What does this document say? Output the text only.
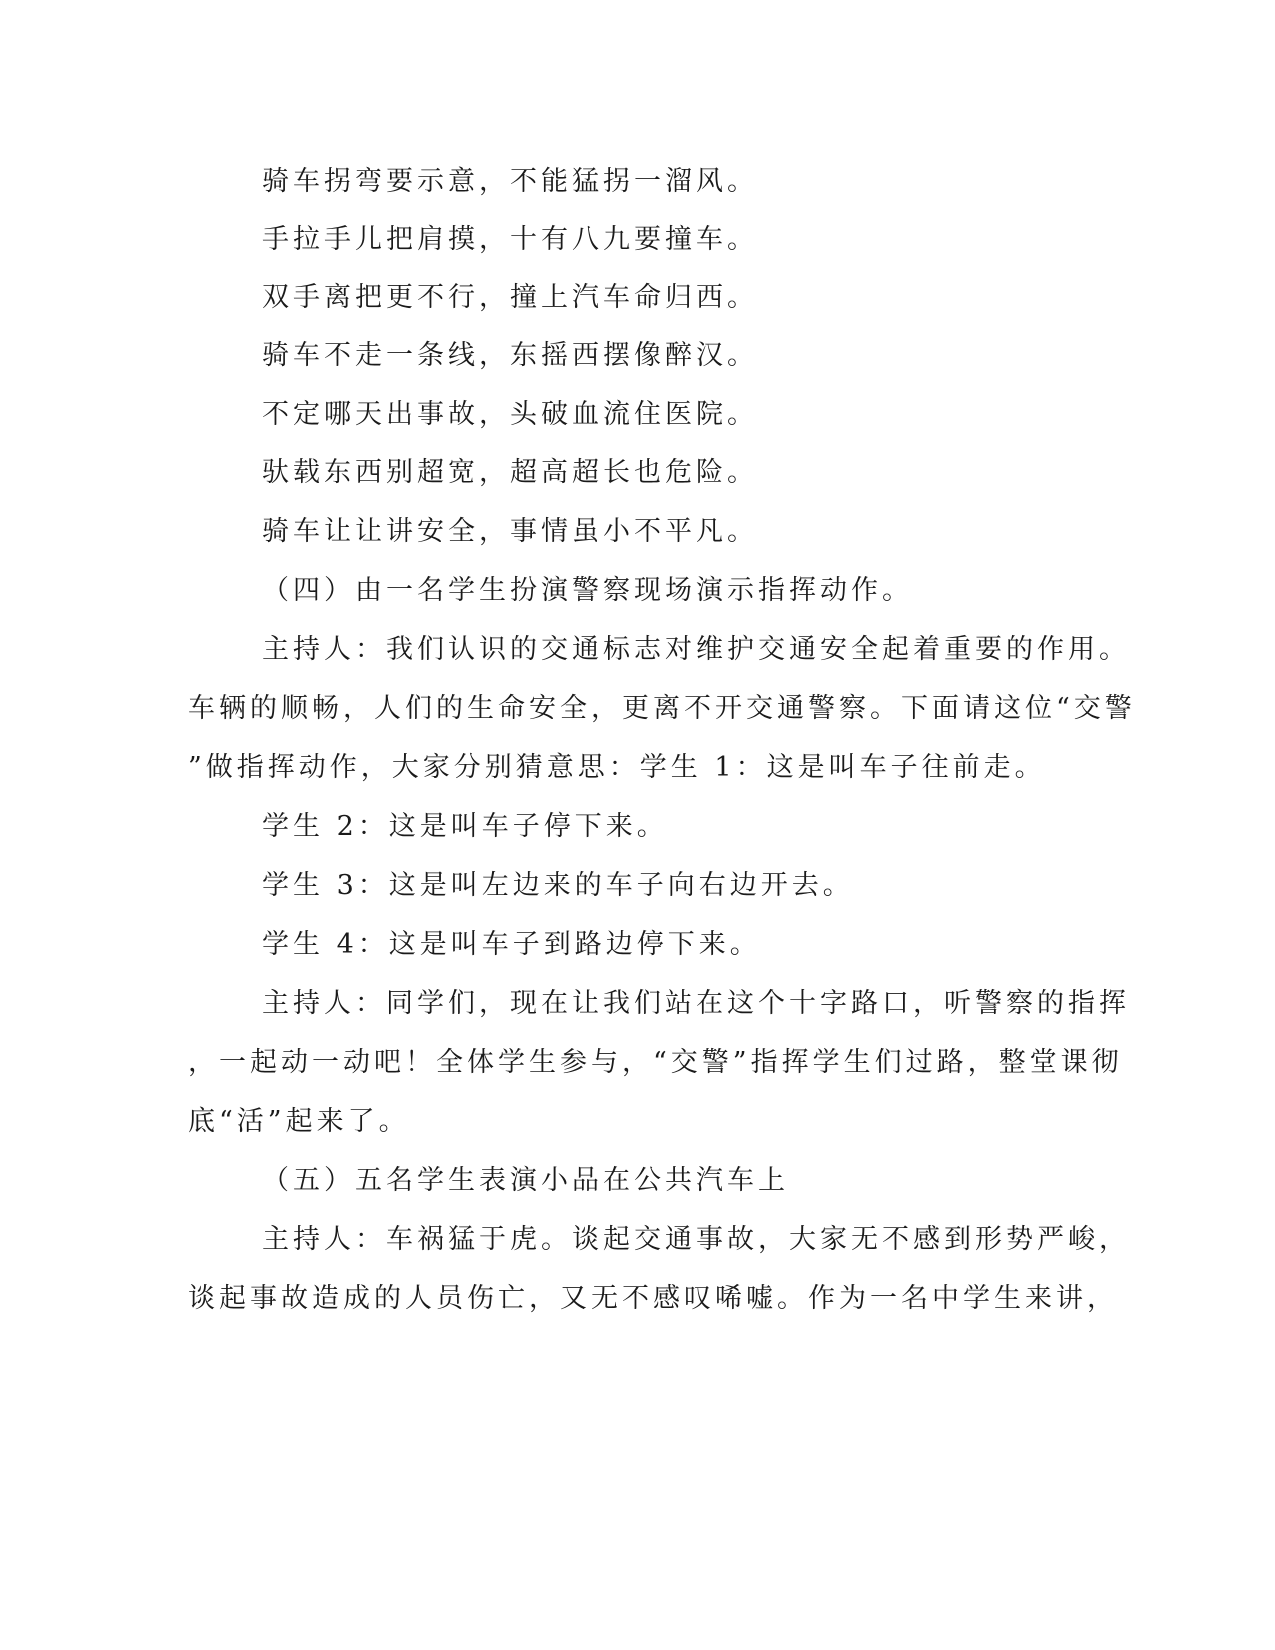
骑车拐弯要示意，不能猛拐一溜风。
手拉手儿把肩摸，十有八九要撞车。
双手离把更不行，撞上汽车命归西。
骑车不走一条线，东摇西摆像醉汉。
不定哪天出事故，头破血流住医院。
驮载东西别超宽，超高超长也危险。
骑车让让讲安全，事情虽小不平凡。
（四）由一名学生扮演警察现场演示指挥动作。
主持人：我们认识的交通标志对维护交通安全起着重要的作用。
车辆的顺畅，人们的生命安全，更离不开交通警察。下面请这位“交警
”做指挥动作，大家分别猜意思：学生 1：这是叫车子往前走。
学生 2：这是叫车子停下来。
学生 3：这是叫左边来的车子向右边开去。
学生 4：这是叫车子到路边停下来。
主持人：同学们，现在让我们站在这个十字路口，听警察的指挥
，一起动一动吧！全体学生参与，“交警”指挥学生们过路，整堂课彻
底“活”起来了。
（五）五名学生表演小品在公共汽车上
主持人：车祸猛于虎。谈起交通事故，大家无不感到形势严峻，
谈起事故造成的人员伤亡，又无不感叹唏嘘。作为一名中学生来讲，
